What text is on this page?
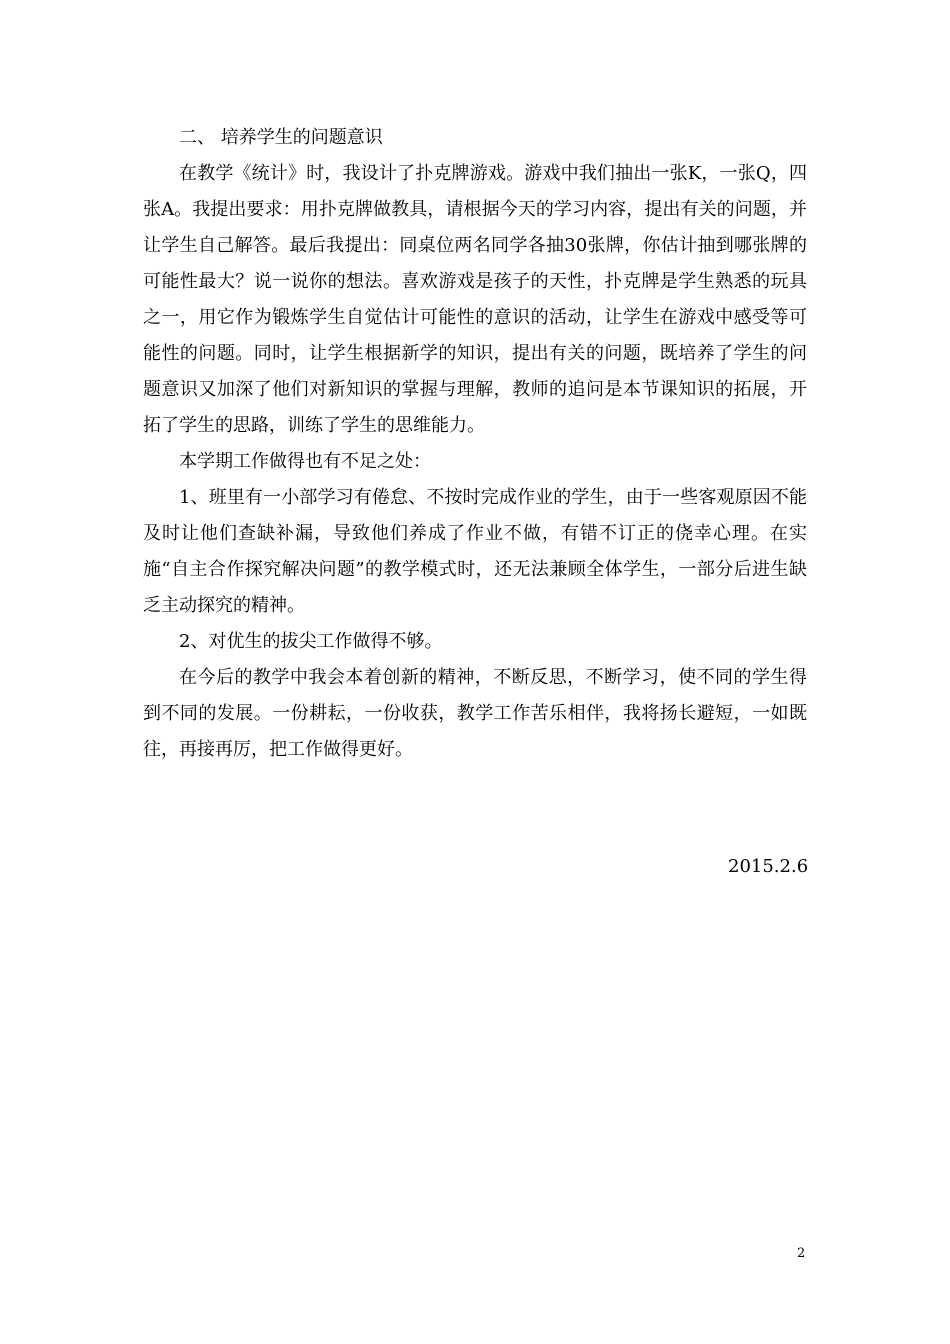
二、 培养学生的问题意识

在教学《统计》时，我设计了扑克牌游戏。游戏中我们抽出一张K，一张Q，四张A。我提出要求：用扑克牌做教具，请根据今天的学习内容，提出有关的问题，并让学生自己解答。最后我提出：同桌位两名同学各抽30张牌，你估计抽到哪张牌的可能性最大？说一说你的想法。喜欢游戏是孩子的天性，扑克牌是学生熟悉的玩具之一，用它作为锻炼学生自觉估计可能性的意识的活动，让学生在游戏中感受等可能性的问题。同时，让学生根据新学的知识，提出有关的问题，既培养了学生的问题意识又加深了他们对新知识的掌握与理解，教师的追问是本节课知识的拓展，开拓了学生的思路，训练了学生的思维能力。

本学期工作做得也有不足之处：

1、班里有一小部学习有倦怠、不按时完成作业的学生，由于一些客观原因不能及时让他们查缺补漏，导致他们养成了作业不做，有错不订正的侥幸心理。在实施“自主合作探究解决问题”的教学模式时，还无法兼顾全体学生，一部分后进生缺乏主动探究的精神。

2、对优生的拔尖工作做得不够。

在今后的教学中我会本着创新的精神，不断反思，不断学习，使不同的学生得到不同的发展。一份耕耘，一份收获，教学工作苦乐相伴，我将扬长避短，一如既往，再接再厉，把工作做得更好。

2015.2.6
2
